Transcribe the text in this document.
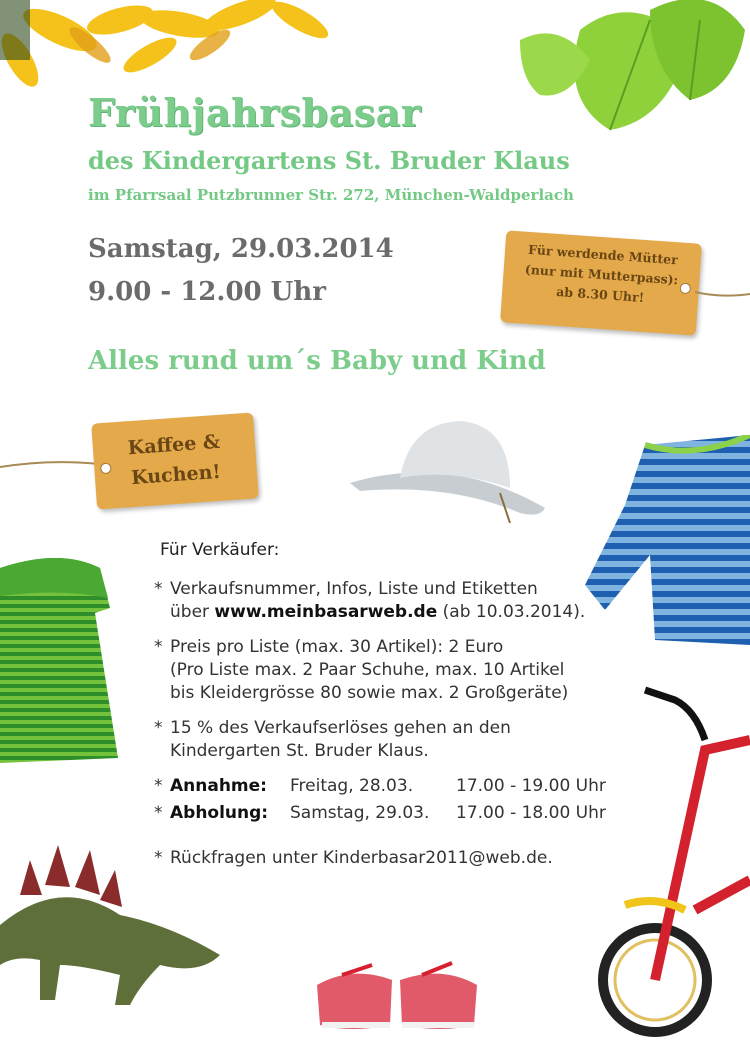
Frühjahrsbasar
des Kindergartens St. Bruder Klaus

im Pfarrsaal Putzbrunner Str. 272, München-Waldperlach

Samstag, 29.03.2014

9.00 - 12.00 Uhr

Für werdende Mütter
(nur mit Mutterpass):
ab 8.30 Uhr!

Alles rund um´s Baby und Kind

Kaffee &
Kuchen!

Für Verkäufer:

* Verkaufsnummer, Infos, Liste und Etiketten
über www.meinbasarweb.de (ab 10.03.2014).
* Preis pro Liste (max. 30 Artikel): 2 Euro
(Pro Liste max. 2 Paar Schuhe, max. 10 Artikel
bis Kleidergrösse 80 sowie max. 2 Großgeräte)
* 15 % des Verkaufserlöses gehen an den
Kindergarten St. Bruder Klaus.
* Annahme:	Freitag, 28.03.	17.00 - 19.00 Uhr
* Abholung:	Samstag, 29.03.	17.00 - 18.00 Uhr
* Rückfragen unter Kinderbasar2011@web.de.
